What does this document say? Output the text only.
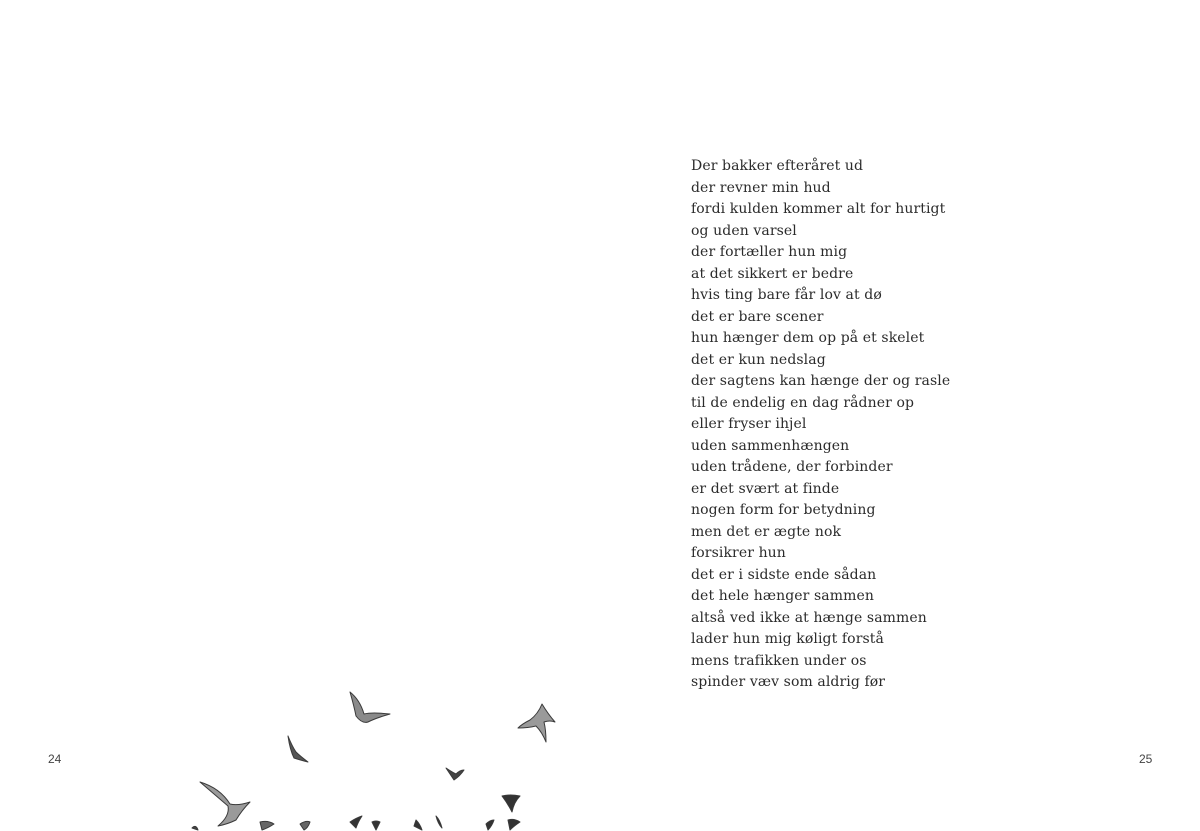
24
Der bakker efteråret ud
der revner min hud
fordi kulden kommer alt for hurtigt
og uden varsel
der fortæller hun mig
at det sikkert er bedre
hvis ting bare får lov at dø
det er bare scener
hun hænger dem op på et skelet
det er kun nedslag
der sagtens kan hænge der og rasle
til de endelig en dag rådner op
eller fryser ihjel
uden sammenhængen
uden trådene, der forbinder
er det svært at finde
nogen form for betydning
men det er ægte nok
forsikrer hun
det er i sidste ende sådan
det hele hænger sammen
altså ved ikke at hænge sammen
lader hun mig køligt forstå
mens trafikken under os
spinder væv som aldrig før
25
